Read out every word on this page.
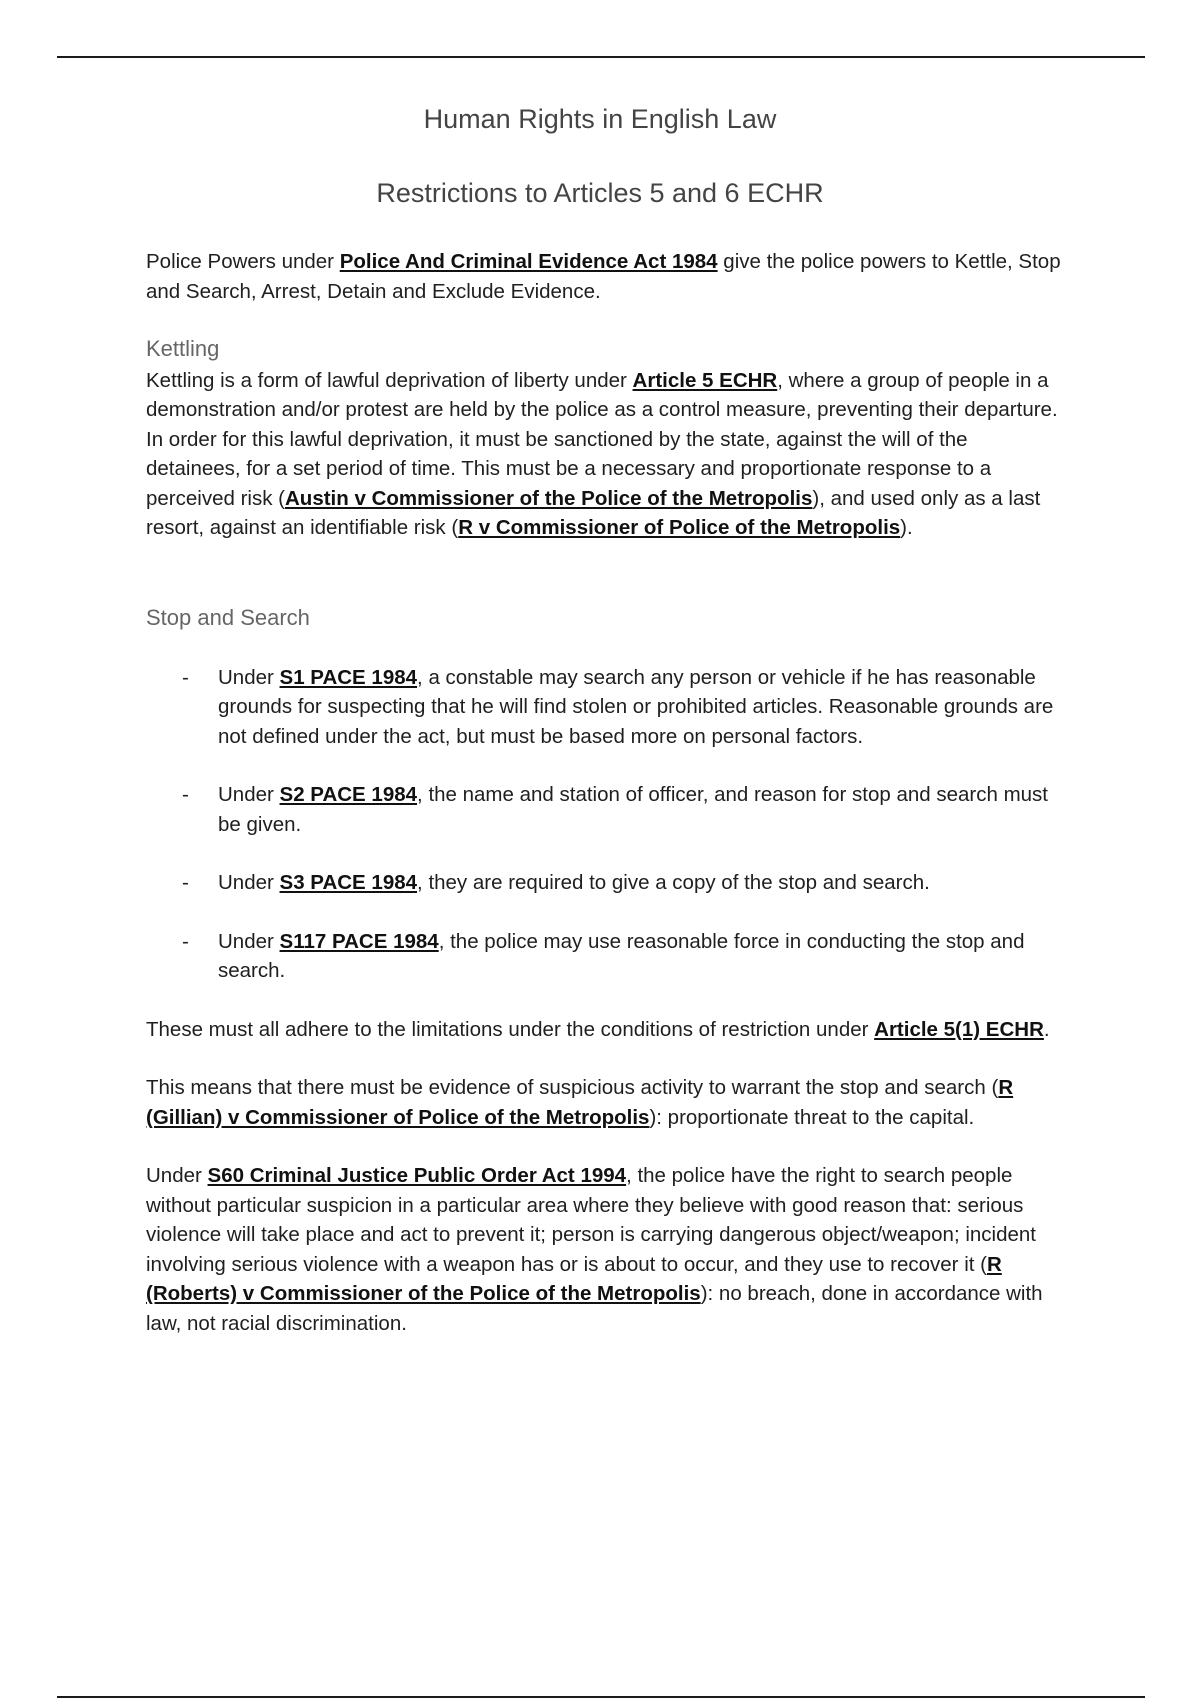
Human Rights in English Law
Restrictions to Articles 5 and 6 ECHR

Police Powers under Police And Criminal Evidence Act 1984 give the police powers to Kettle, Stop and Search, Arrest, Detain and Exclude Evidence.

Kettling

Kettling is a form of lawful deprivation of liberty under Article 5 ECHR, where a group of people in a demonstration and/or protest are held by the police as a control measure, preventing their departure. In order for this lawful deprivation, it must be sanctioned by the state, against the will of the detainees, for a set period of time. This must be a necessary and proportionate response to a perceived risk (Austin v Commissioner of the Police of the Metropolis), and used only as a last resort, against an identifiable risk (R v Commissioner of Police of the Metropolis).

Stop and Search

- Under S1 PACE 1984, a constable may search any person or vehicle if he has reasonable grounds for suspecting that he will find stolen or prohibited articles. Reasonable grounds are not defined under the act, but must be based more on personal factors.
- Under S2 PACE 1984, the name and station of officer, and reason for stop and search must be given.
- Under S3 PACE 1984, they are required to give a copy of the stop and search.
- Under S117 PACE 1984, the police may use reasonable force in conducting the stop and search.

These must all adhere to the limitations under the conditions of restriction under Article 5(1) ECHR.

This means that there must be evidence of suspicious activity to warrant the stop and search (R (Gillian) v Commissioner of Police of the Metropolis): proportionate threat to the capital.

Under S60 Criminal Justice Public Order Act 1994, the police have the right to search people without particular suspicion in a particular area where they believe with good reason that: serious violence will take place and act to prevent it; person is carrying dangerous object/weapon; incident involving serious violence with a weapon has or is about to occur, and they use to recover it (R (Roberts) v Commissioner of the Police of the Metropolis): no breach, done in accordance with law, not racial discrimination.
